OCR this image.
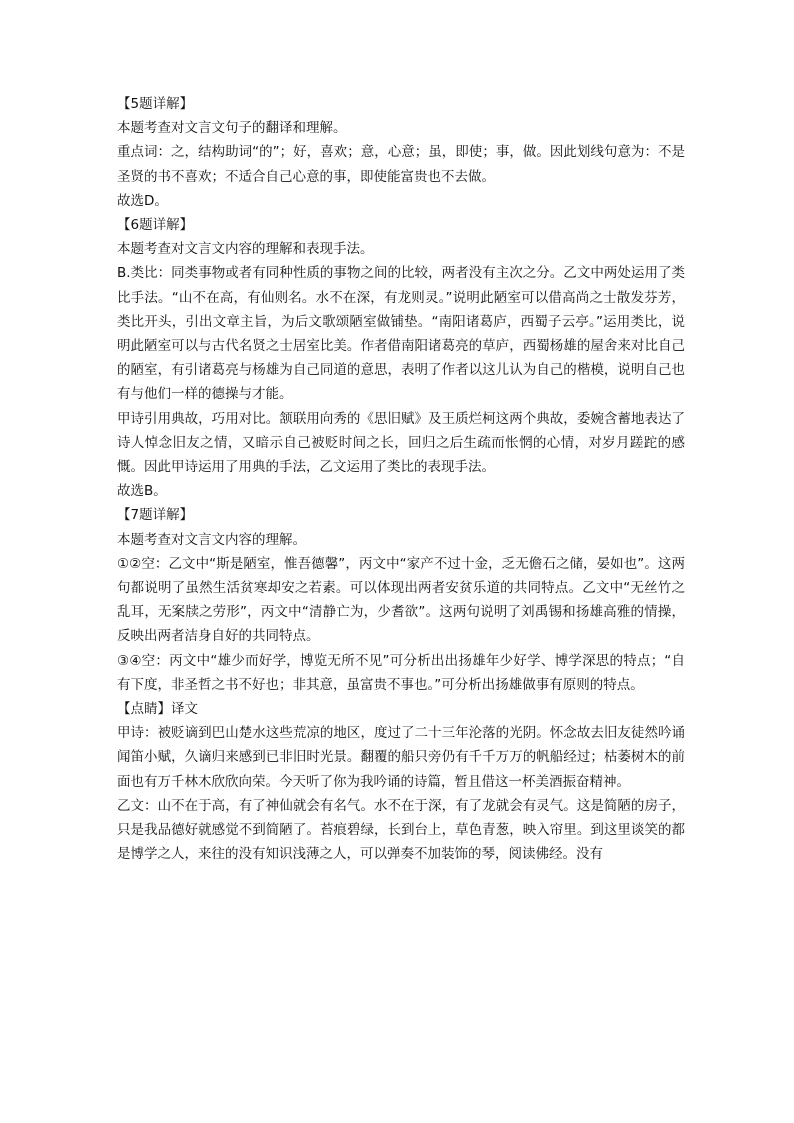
【5题详解】

本题考查对文言文句子的翻译和理解。

重点词：之，结构助词“的”；好，喜欢；意，心意；虽，即使；事，做。因此划线句意为：不是圣贤的书不喜欢；不适合自己心意的事，即使能富贵也不去做。

故选D。

【6题详解】

本题考查对文言文内容的理解和表现手法。

B.类比：同类事物或者有同种性质的事物之间的比较，两者没有主次之分。乙文中两处运用了类比手法。“山不在高，有仙则名。水不在深，有龙则灵。”说明此陋室可以借高尚之士散发芬芳，类比开头，引出文章主旨，为后文歌颂陋室做铺垫。“南阳诸葛庐，西蜀子云亭。”运用类比，说明此陋室可以与古代名贤之士居室比美。作者借南阳诸葛亮的草庐，西蜀杨雄的屋舍来对比自己的陋室，有引诸葛亮与杨雄为自己同道的意思，表明了作者以这儿认为自己的楷模，说明自己也有与他们一样的德操与才能。

甲诗引用典故，巧用对比。颔联用向秀的《思旧赋》及王质烂柯这两个典故，委婉含蓄地表达了诗人悼念旧友之情，又暗示自己被贬时间之长，回归之后生疏而怅惘的心情，对岁月蹉跎的感慨。因此甲诗运用了用典的手法，乙文运用了类比的表现手法。

故选B。

【7题详解】

本题考查对文言文内容的理解。

①②空：乙文中“斯是陋室，惟吾德馨”，丙文中“家产不过十金，乏无儋石之储，晏如也”。这两句都说明了虽然生活贫寒却安之若素。可以体现出两者安贫乐道的共同特点。乙文中“无丝竹之乱耳，无案牍之劳形”，丙文中“清静亡为，少耆欲”。这两句说明了刘禹锡和扬雄高雅的情操，反映出两者洁身自好的共同特点。

③④空：丙文中“雄少而好学，博览无所不见”可分析出出扬雄年少好学、博学深思的特点；“自有下度，非圣哲之书不好也；非其意，虽富贵不事也。”可分析出扬雄做事有原则的特点。

【点睛】译文

甲诗：被贬谪到巴山楚水这些荒凉的地区，度过了二十三年沦落的光阴。怀念故去旧友徒然吟诵闻笛小赋，久谪归来感到已非旧时光景。翻覆的船只旁仍有千千万万的帆船经过；枯萎树木的前面也有万千林木欣欣向荣。今天听了你为我吟诵的诗篇，暂且借这一杯美酒振奋精神。

乙文：山不在于高，有了神仙就会有名气。水不在于深，有了龙就会有灵气。这是简陋的房子，只是我品德好就感觉不到简陋了。苔痕碧绿，长到台上，草色青葱，映入帘里。到这里谈笑的都是博学之人，来往的没有知识浅薄之人，可以弹奏不加装饰的琴，阅读佛经。没有
